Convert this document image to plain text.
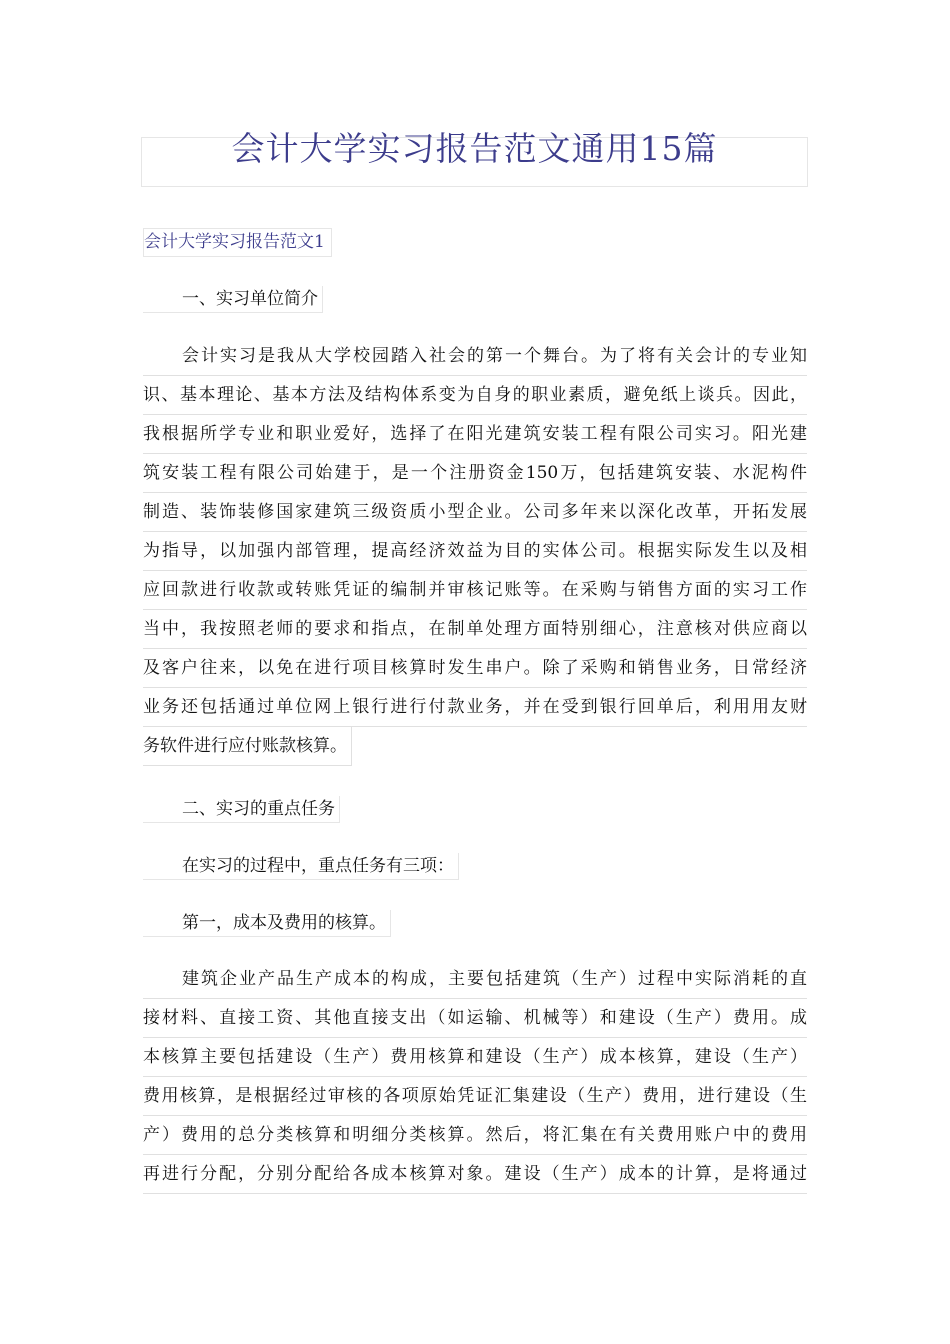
会计大学实习报告范文通用15篇
会计大学实习报告范文1
一、实习单位简介
会计实习是我从大学校园踏入社会的第一个舞台。为了将有关会计的专业知
识、基本理论、基本方法及结构体系变为自身的职业素质，避免纸上谈兵。因此，
我根据所学专业和职业爱好，选择了在阳光建筑安装工程有限公司实习。阳光建
筑安装工程有限公司始建于，是一个注册资金150万，包括建筑安装、水泥构件
制造、装饰装修国家建筑三级资质小型企业。公司多年来以深化改革，开拓发展
为指导，以加强内部管理，提高经济效益为目的实体公司。根据实际发生以及相
应回款进行收款或转账凭证的编制并审核记账等。在采购与销售方面的实习工作
当中，我按照老师的要求和指点，在制单处理方面特别细心，注意核对供应商以
及客户往来，以免在进行项目核算时发生串户。除了采购和销售业务，日常经济
业务还包括通过单位网上银行进行付款业务，并在受到银行回单后，利用用友财
务软件进行应付账款核算。
二、实习的重点任务
在实习的过程中，重点任务有三项：
第一，成本及费用的核算。
建筑企业产品生产成本的构成，主要包括建筑（生产）过程中实际消耗的直
接材料、直接工资、其他直接支出（如运输、机械等）和建设（生产）费用。成
本核算主要包括建设（生产）费用核算和建设（生产）成本核算，建设（生产）
费用核算，是根据经过审核的各项原始凭证汇集建设（生产）费用，进行建设（生
产）费用的总分类核算和明细分类核算。然后，将汇集在有关费用账户中的费用
再进行分配，分别分配给各成本核算对象。建设（生产）成本的计算，是将通过
